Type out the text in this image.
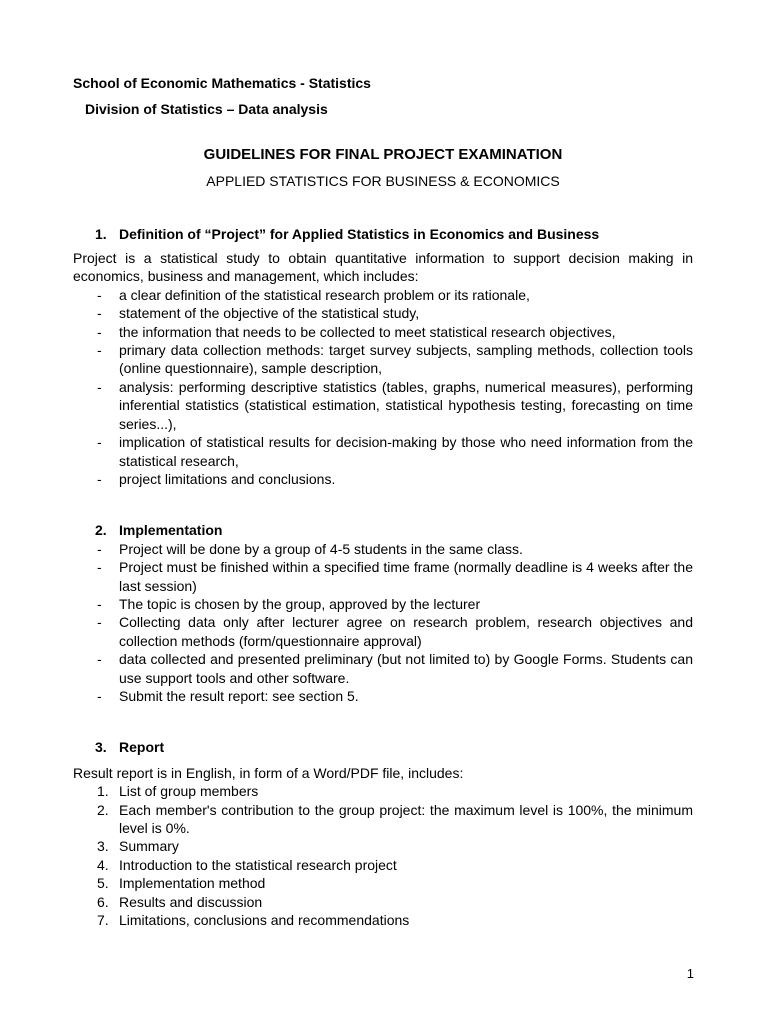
School of Economic Mathematics - Statistics

Division of Statistics – Data analysis

GUIDELINES FOR FINAL PROJECT EXAMINATION

APPLIED STATISTICS FOR BUSINESS & ECONOMICS

1. Definition of “Project” for Applied Statistics in Economics and Business
Project is a statistical study to obtain quantitative information to support decision making in economics, business and management, which includes:
-	a clear definition of the statistical research problem or its rationale,
-	statement of the objective of the statistical study,
-	the information that needs to be collected to meet statistical research objectives,
-	primary data collection methods: target survey subjects, sampling methods, collection tools (online questionnaire), sample description,
-	analysis: performing descriptive statistics (tables, graphs, numerical measures), performing inferential statistics (statistical estimation, statistical hypothesis testing, forecasting on time series...),
-	implication of statistical results for decision-making by those who need information from the statistical research,
-	project limitations and conclusions.
2. Implementation
-	Project will be done by a group of 4-5 students in the same class.
-	Project must be finished within a specified time frame (normally deadline is 4 weeks after the last session)
-	The topic is chosen by the group, approved by the lecturer
-	Collecting data only after lecturer agree on research problem, research objectives and collection methods (form/questionnaire approval)
-	data collected and presented preliminary (but not limited to) by Google Forms. Students can use support tools and other software.
-	Submit the result report: see section 5.
3. Report
Result report is in English, in form of a Word/PDF file, includes:
1. List of group members
2. Each member's contribution to the group project: the maximum level is 100%, the minimum level is 0%.
3. Summary
4. Introduction to the statistical research project
5. Implementation method
6. Results and discussion
7. Limitations, conclusions and recommendations
1
